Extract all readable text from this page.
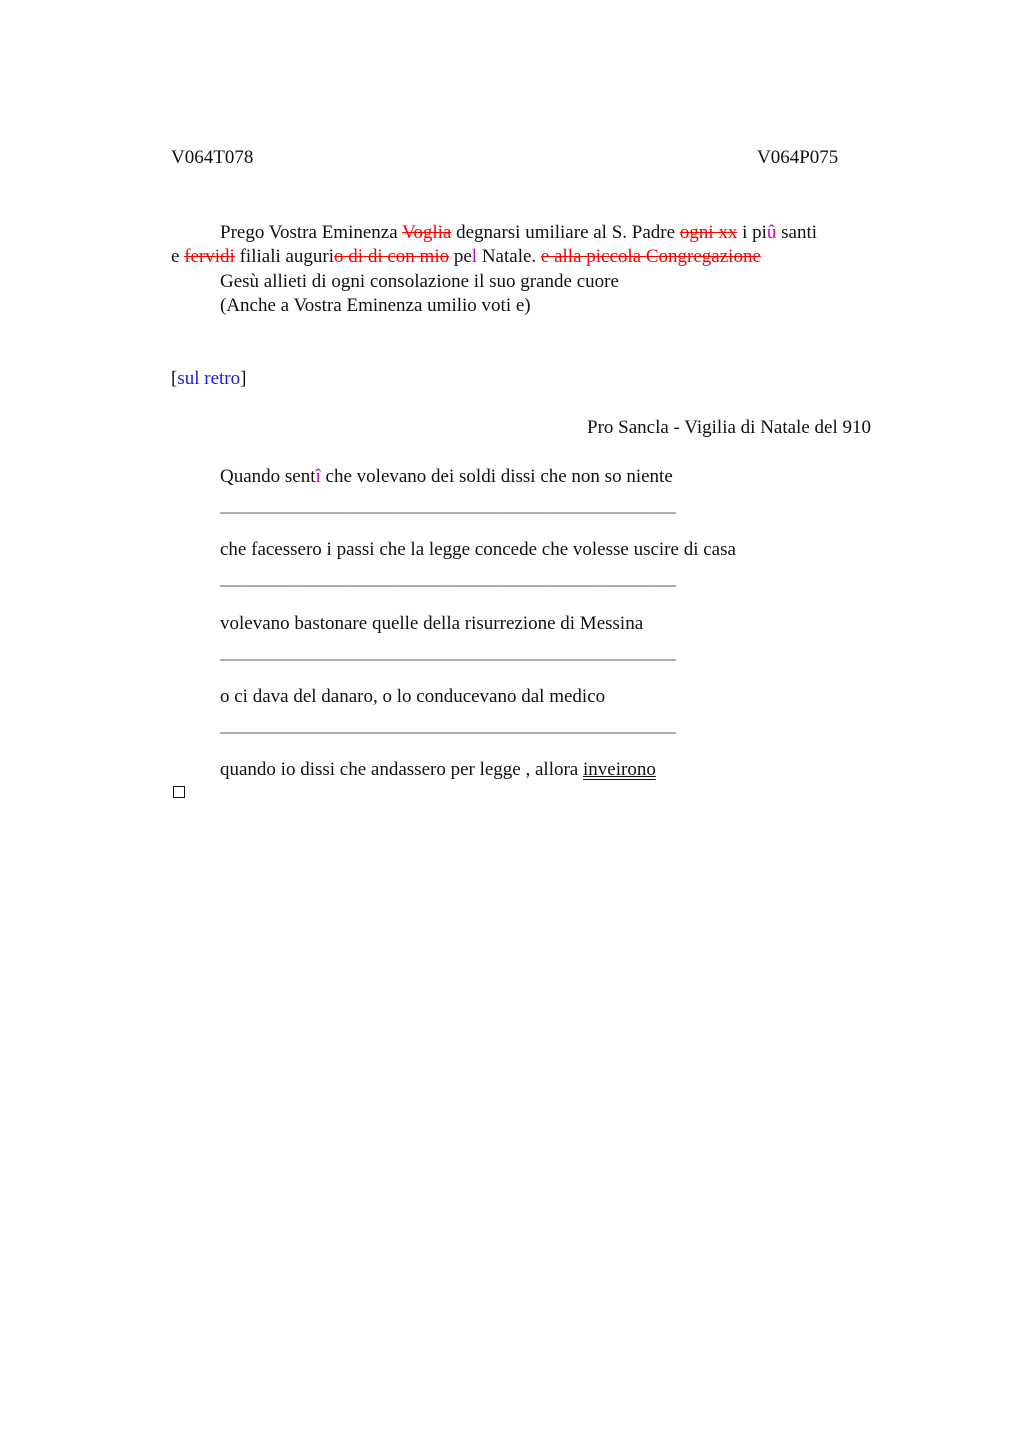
V064T078	V064P075
Prego Vostra Eminenza Voglia degnarsi umiliare al S. Padre ogni xx i piû santi
e fervidi filiali augurio di di con mio pel Natale. e alla piccola Congregazione
Gesù allieti di ogni consolazione il suo grande cuore
(Anche a Vostra Eminenza umilio voti e)
[sul retro]
Pro Sancla - Vigilia di Natale del 910
Quando sentî che volevano dei soldi dissi che non so niente
________________________________________________
che facessero i passi che la legge concede che volesse uscire di casa
________________________________________________
volevano bastonare quelle della risurrezione di Messina
________________________________________________
o ci dava del danaro, o lo conducevano dal medico
________________________________________________
quando io dissi che andassero per legge , allora inveirono
